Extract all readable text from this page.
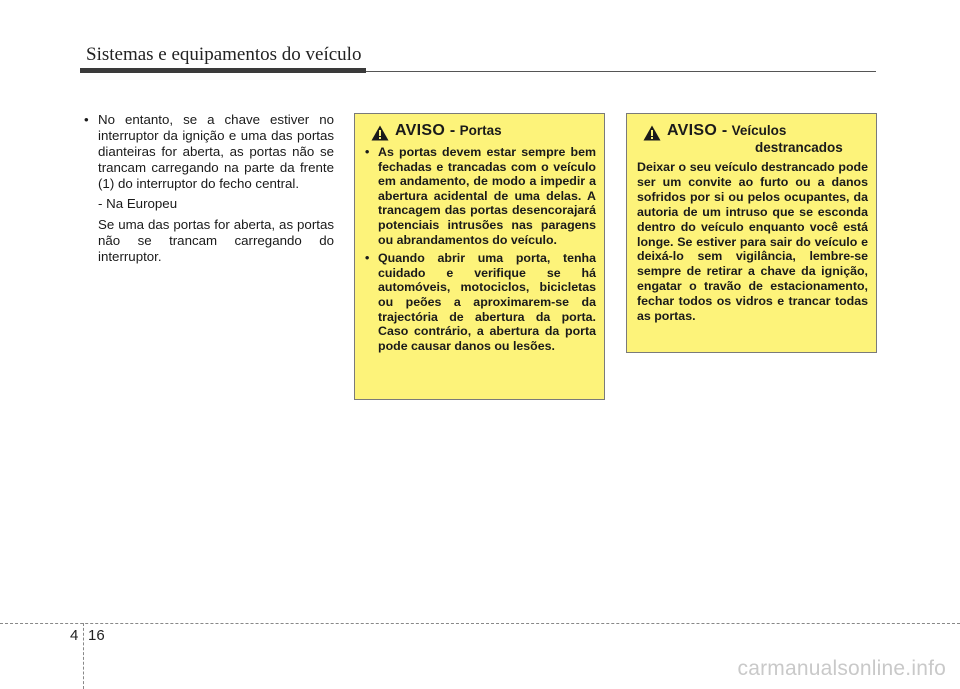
Sistemas e equipamentos do veículo

• No entanto, se a chave estiver no interruptor da ignição e uma das portas dianteiras for aberta, as portas não se trancam carregando na parte da frente (1) do interruptor do fecho central.

- Na Europeu

Se uma das portas for aberta, as portas não se trancam carregando do interruptor.

AVISO - Portas
• As portas devem estar sempre bem fechadas e trancadas com o veículo em andamento, de modo a impedir a abertura acidental de uma delas. A trancagem das portas desencorajará potenciais intrusões nas paragens ou abrandamentos do veículo.
• Quando abrir uma porta, tenha cuidado e verifique se há automóveis, motociclos, bicicletas ou peões a aproximarem-se da trajectória de abertura da porta. Caso contrário, a abertura da porta pode causar danos ou lesões.
AVISO - Veículos
destrancados

Deixar o seu veículo destrancado pode ser um convite ao furto ou a danos sofridos por si ou pelos ocupantes, da autoria de um intruso que se esconda dentro do veículo enquanto você está longe. Se estiver para sair do veículo e deixá-lo sem vigilância, lembre-se sempre de retirar a chave da ignição, engatar o travão de estacionamento, fechar todos os vidros e trancar todas as portas.

4 16
carmanualsonline.info
